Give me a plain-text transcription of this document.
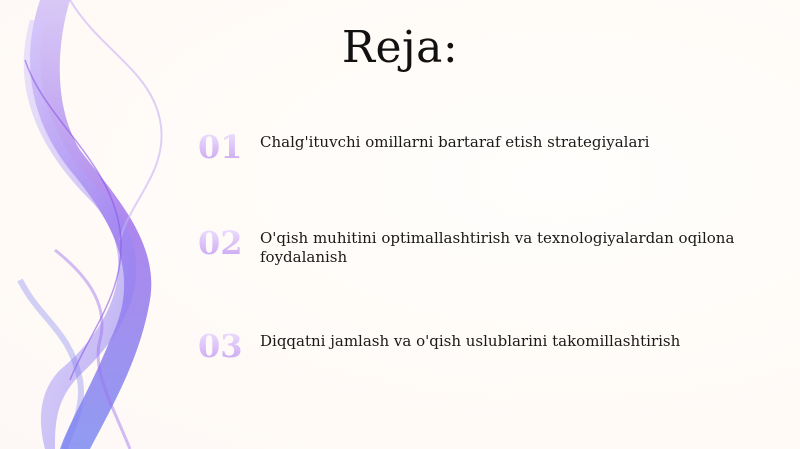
Reja:
01 Chalg'ituvchi omillarni bartaraf etish strategiyalari
02 O'qish muhitini optimallashtirish va texnologiyalardan oqilona foydalanish
03 Diqqatni jamlash va o'qish uslublarini takomillashtirish
